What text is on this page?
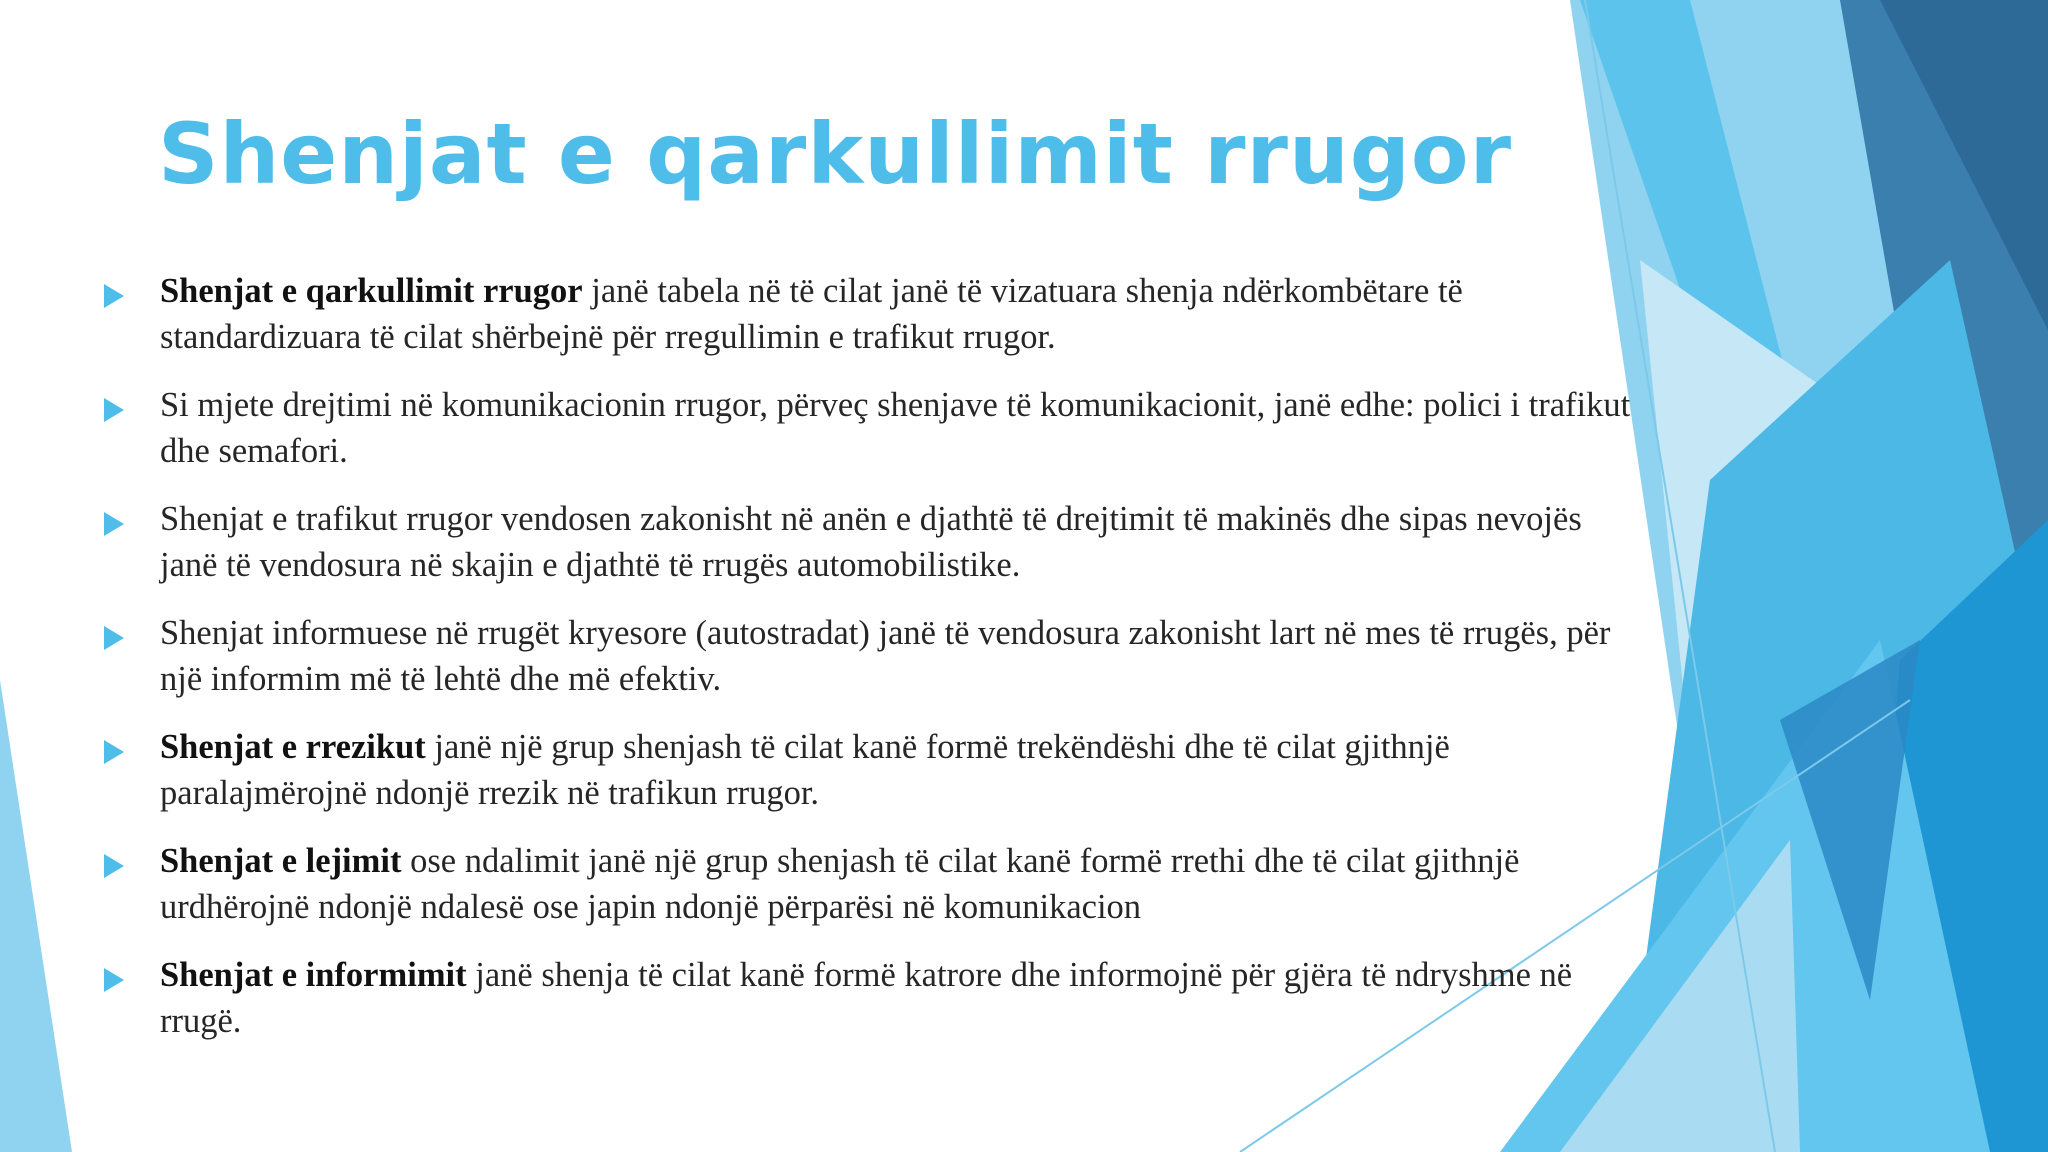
Shenjat e qarkullimit rrugor
Shenjat e qarkullimit rrugor janë tabela në të cilat janë të vizatuara shenja ndërkombëtare të standardizuara të cilat shërbejnë për rregullimin e trafikut rrugor.
Si mjete drejtimi në komunikacionin rrugor, përveç shenjave të komunikacionit, janë edhe: polici i trafikut dhe semafori.
Shenjat e trafikut rrugor vendosen zakonisht në anën e djathtë të drejtimit të makinës dhe sipas nevojës janë të vendosura në skajin e djathtë të rrugës automobilistike.
Shenjat informuese në rrugët kryesore (autostradat) janë të vendosura zakonisht lart në mes të rrugës, për një informim më të lehtë dhe më efektiv.
Shenjat e rrezikut janë një grup shenjash të cilat kanë formë trekëndëshi dhe të cilat gjithnjë paralajmërojnë ndonjë rrezik në trafikun rrugor.
Shenjat e lejimit ose ndalimit janë një grup shenjash të cilat kanë formë rrethi dhe të cilat gjithnjë urdhërojnë ndonjë ndalesë ose japin ndonjë përparësi në komunikacion
Shenjat e informimit janë shenja të cilat kanë formë katrore dhe informojnë për gjëra të ndryshme në rrugë.
